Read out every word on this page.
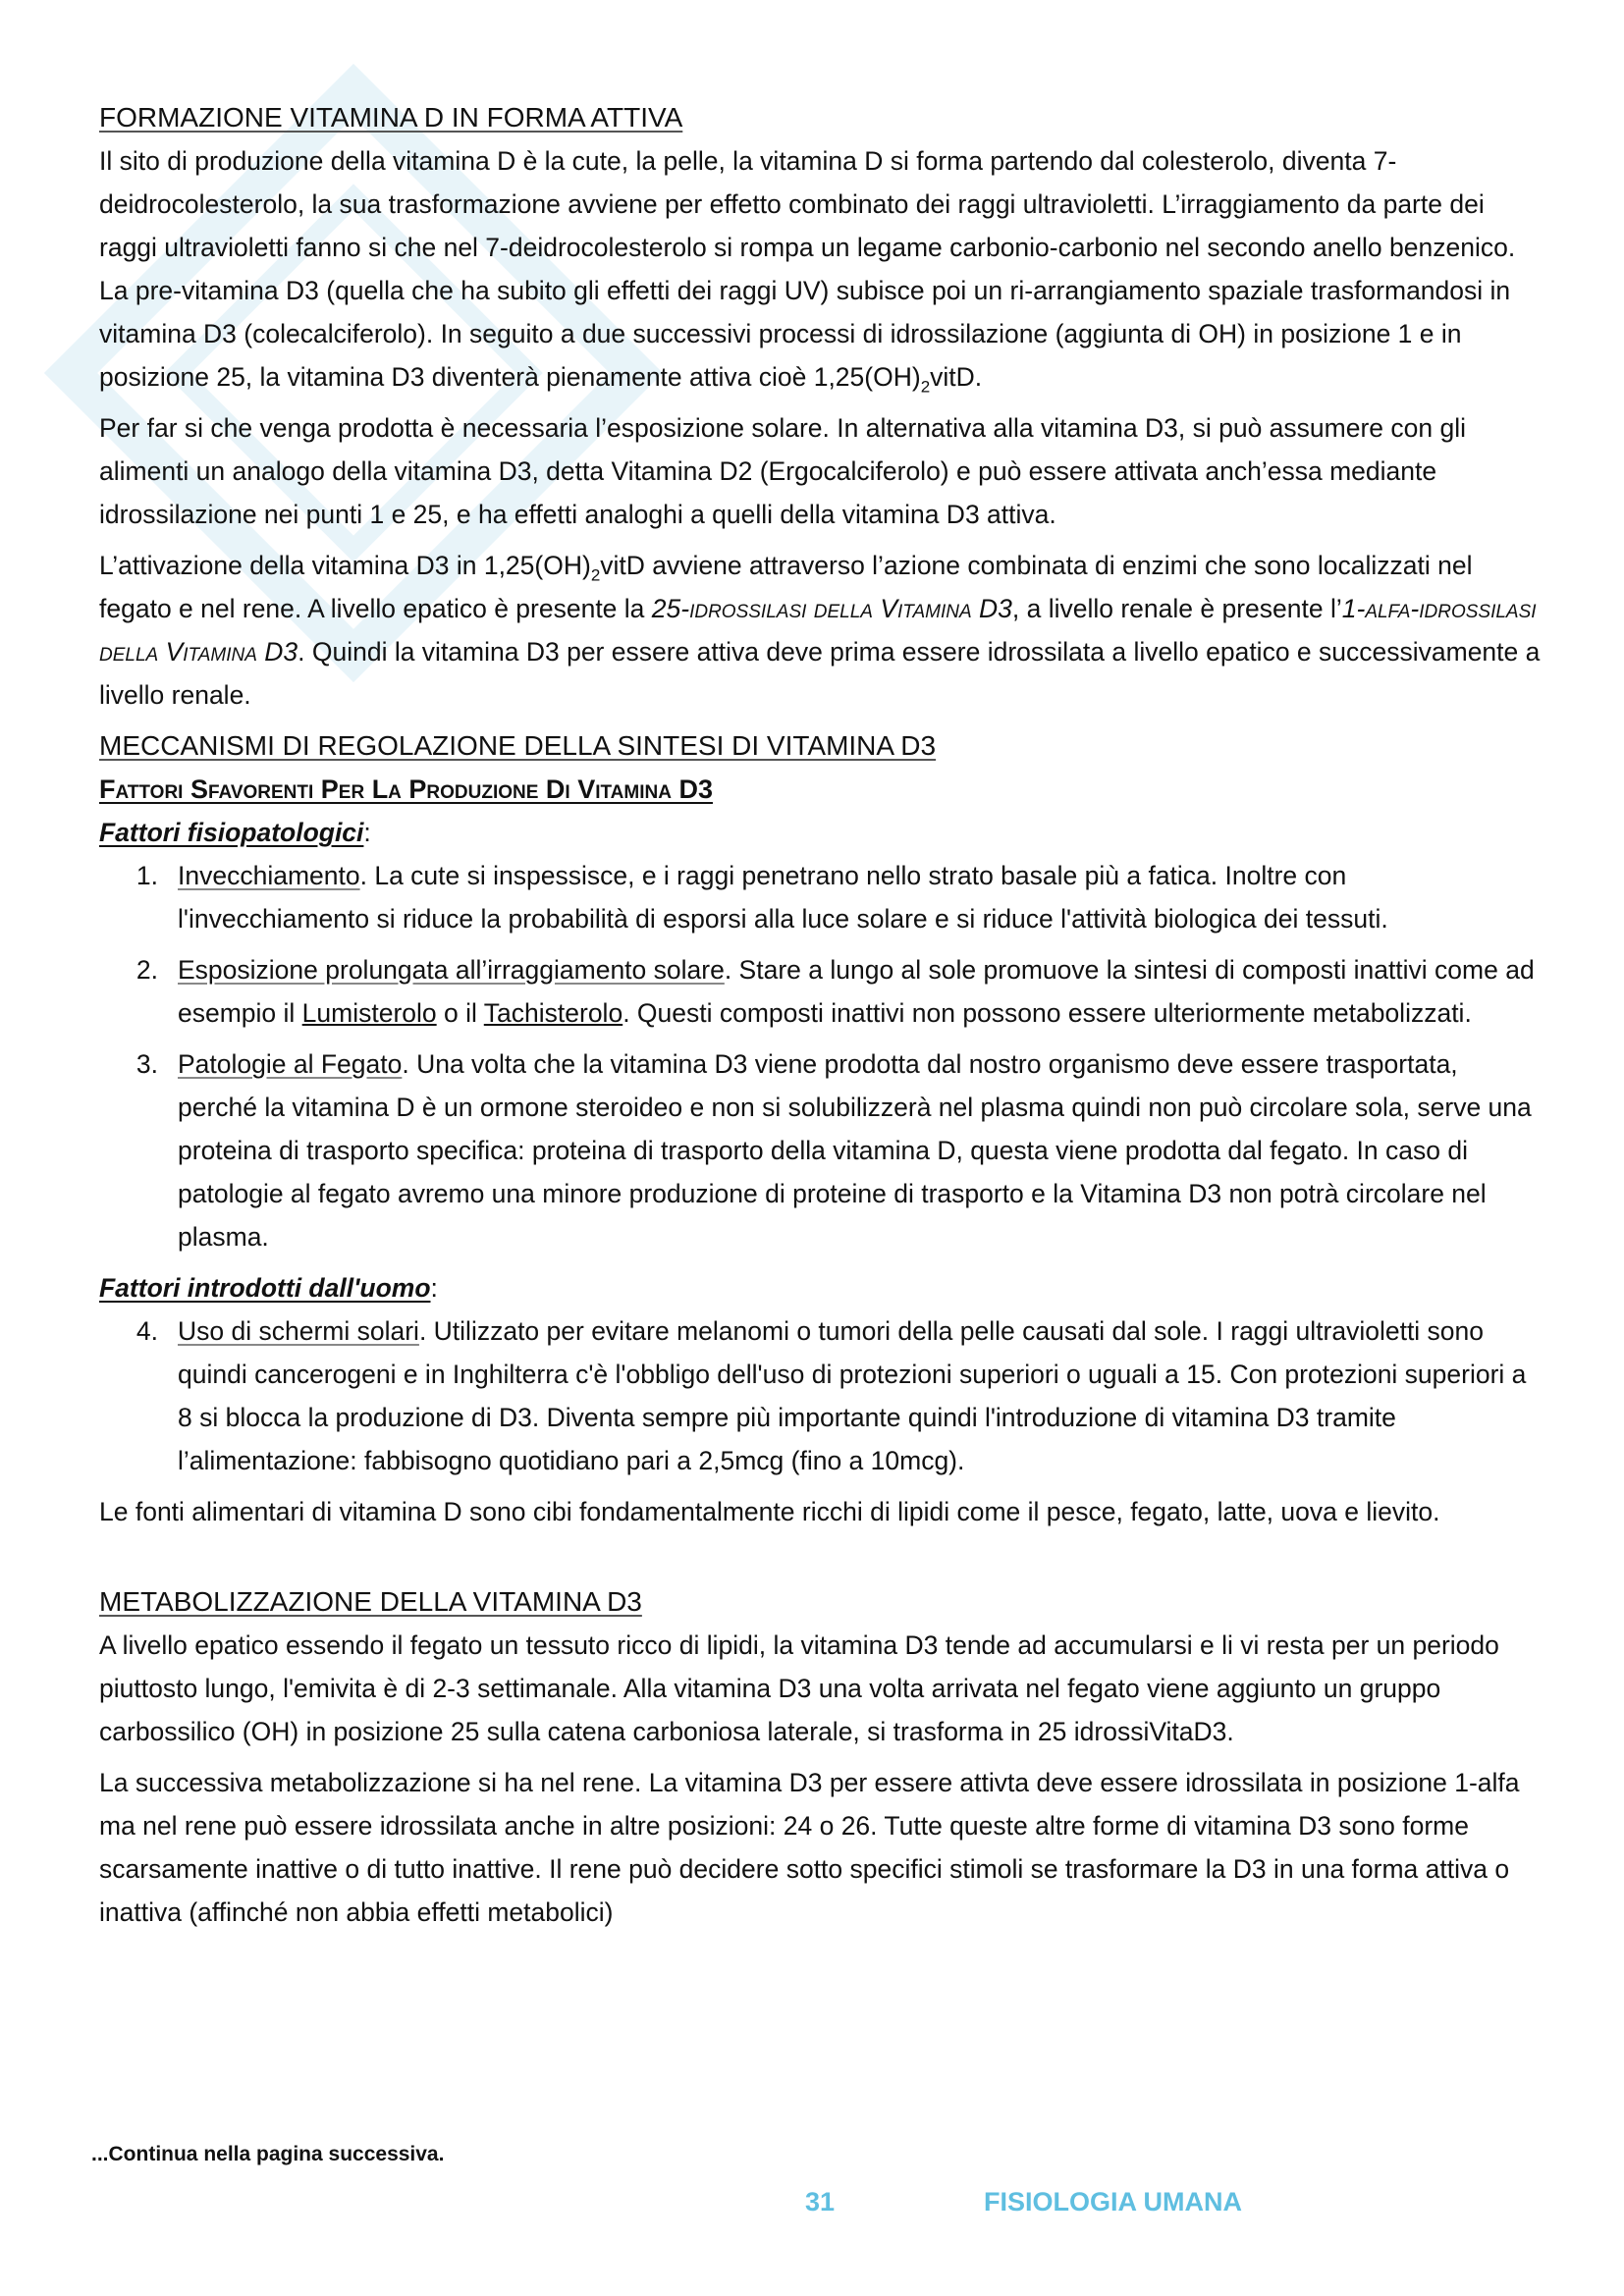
FORMAZIONE VITAMINA D IN FORMA ATTIVA

Il sito di produzione della vitamina D è la cute, la pelle, la vitamina D si forma partendo dal colesterolo, diventa 7-deidrocolesterolo, la sua trasformazione avviene per effetto combinato dei raggi ultravioletti. L’irraggiamento da parte dei raggi ultravioletti fanno si che nel 7-deidrocolesterolo si rompa un legame carbonio-carbonio nel secondo anello benzenico. La pre-vitamina D3 (quella che ha subito gli effetti dei raggi UV) subisce poi un ri-arrangiamento spaziale trasformandosi in vitamina D3 (colecalciferolo). In seguito a due successivi processi di idrossilazione (aggiunta di OH) in posizione 1 e in posizione 25, la vitamina D3 diventerà pienamente attiva cioè $1,25(OH)_2vitD$.

Per far si che venga prodotta è necessaria l’esposizione solare. In alternativa alla vitamina D3, si può assumere con gli alimenti un analogo della vitamina D3, detta Vitamina D2 (Ergocalciferolo) e può essere attivata anch’essa mediante idrossilazione nei punti 1 e 25, e ha effetti analoghi a quelli della vitamina D3 attiva.

L’attivazione della vitamina D3 in $1,25(OH)_2vitD$ avviene attraverso l’azione combinata di enzimi che sono localizzati nel fegato e nel rene. A livello epatico è presente la 25-idrossilasi della Vitamina D3, a livello renale è presente l’1-alfa-idrossilasi della Vitamina D3. Quindi la vitamina D3 per essere attiva deve prima essere idrossilata a livello epatico e successivamente a livello renale.

MECCANISMI DI REGOLAZIONE DELLA SINTESI DI VITAMINA D3
Fattori Sfavorenti Per La Produzione Di Vitamina D3
Fattori fisiopatologici:
1. Invecchiamento. La cute si inspessisce, e i raggi penetrano nello strato basale più a fatica. Inoltre con l'invecchiamento si riduce la probabilità di esporsi alla luce solare e si riduce l'attività biologica dei tessuti.
2. Esposizione prolungata all’irraggiamento solare. Stare a lungo al sole promuove la sintesi di composti inattivi come ad esempio il Lumisterolo o il Tachisterolo. Questi composti inattivi non possono essere ulteriormente metabolizzati.
3. Patologie al Fegato. Una volta che la vitamina D3 viene prodotta dal nostro organismo deve essere trasportata, perché la vitamina D è un ormone steroideo e non si solubilizzerà nel plasma quindi non può circolare sola, serve una proteina di trasporto specifica: proteina di trasporto della vitamina D, questa viene prodotta dal fegato. In caso di patologie al fegato avremo una minore produzione di proteine di trasporto e la Vitamina D3 non potrà circolare nel plasma.
Fattori introdotti dall'uomo:
4. Uso di schermi solari. Utilizzato per evitare melanomi o tumori della pelle causati dal sole. I raggi ultravioletti sono quindi cancerogeni e in Inghilterra c'è l'obbligo dell'uso di protezioni superiori o uguali a 15. Con protezioni superiori a 8 si blocca la produzione di D3. Diventa sempre più importante quindi l'introduzione di vitamina D3 tramite l’alimentazione: fabbisogno quotidiano pari a 2,5mcg (fino a 10mcg).

Le fonti alimentari di vitamina D sono cibi fondamentalmente ricchi di lipidi come il pesce, fegato, latte, uova e lievito.

METABOLIZZAZIONE DELLA VITAMINA D3

A livello epatico essendo il fegato un tessuto ricco di lipidi, la vitamina D3 tende ad accumularsi e li vi resta per un periodo piuttosto lungo, l'emivita è di 2-3 settimanale. Alla vitamina D3 una volta arrivata nel fegato viene aggiunto un gruppo carbossilico (OH) in posizione 25 sulla catena carboniosa laterale, si trasforma in 25 idrossiVitaD3.

La successiva metabolizzazione si ha nel rene. La vitamina D3 per essere attivta deve essere idrossilata in posizione 1-alfa ma nel rene può essere idrossilata anche in altre posizioni: 24 o 26. Tutte queste altre forme di vitamina D3 sono forme scarsamente inattive o di tutto inattive. Il rene può decidere sotto specifici stimoli se trasformare la D3 in una forma attiva o inattiva (affinché non abbia effetti metabolici)

...Continua nella pagina successiva.
31	FISIOLOGIA UMANA
